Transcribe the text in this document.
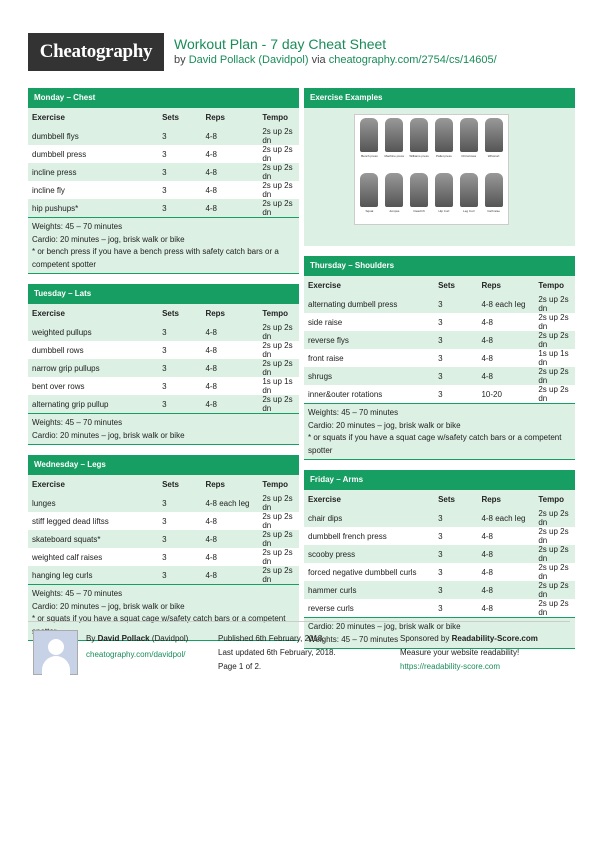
Cheatography	Workout Plan - 7 day Cheat Sheet
by David Pollack (Davidpol) via cheatography.com/2754/cs/14605/
Monday – Chest
Exercise	Sets	Reps	Tempo
dumbbell flys	3	4-8	2s up 2s dn
dumbbell press	3	4-8	2s up 2s dn
incline press	3	4-8	2s up 2s dn
incline fly	3	4-8	2s up 2s dn
hip pushups*	3	4-8	2s up 2s dn
Weights: 45 – 70 minutes
Cardio: 20 minutes – jog, brisk walk or bike
* or bench press if you have a bench press with safety catch bars or a competent spotter
Tuesday – Lats
Exercise	Sets	Reps	Tempo
weighted pullups	3	4-8	2s up 2s dn
dumbbell rows	3	4-8	2s up 2s dn
narrow grip pullups	3	4-8	2s up 2s dn
bent over rows	3	4-8	1s up 1s dn
alternating grip pullup	3	4-8	2s up 2s dn
Weights: 45 – 70 minutes
Cardio: 20 minutes – jog, brisk walk or bike
Wednesday – Legs
Exercise	Sets	Reps	Tempo
lunges	3	4-8 each leg	2s up 2s dn
stiff legged dead liftss	3	4-8	2s up 2s dn
skateboard squats*	3	4-8	2s up 2s dn
weighted calf raises	3	4-8	2s up 2s dn
hanging leg curls	3	4-8	2s up 2s dn
Weights: 45 – 70 minutes
Cardio: 20 minutes – jog, brisk walk or bike
* or squats if you have a squat cage w/safety catch bars or a competent
Exercise Examples
Bench press Machine press Williams press Pallet press	Chins/rows	Wristcurl
Squat	Jumpss	Dead lift	Hip Curl	Leg Curl	Calf raise
Thursday – Shoulders
Exercise	Sets	Reps	Tempo
alternating dumbell press	3	4-8 each leg	2s up 2s dn
side raise	3	4-8	2s up 2s dn
reverse flys	3	4-8	2s up 2s dn
front raise	3	4-8	1s up 1s dn
shrugs	3	4-8	2s up 2s dn
inner&outer rotations	3	10-20	2s up 2s dn
Weights: 45 – 70 minutes
Cardio: 20 minutes – jog, brisk walk or bike
* or squats if you have a squat cage w/safety catch bars or a competent spotter
Friday – Arms
Exercise	Sets	Reps	Tempo
chair dips	3	4-8 each leg	2s up 2s dn
dumbbell french press	3	4-8	2s up 2s dn
scooby press	3	4-8	2s up 2s dn
forced negative dumbbell curls	3	4-8	2s up 2s dn
hammer curls	3	4-8	2s up 2s dn
reverse curls	3	4-8	2s up 2s dn
Cardio: 20 minutes – jog, brisk walk or bike
Weights: 45 – 70 minutes
By David Pollack (Davidpol)
cheatography.com/davidpol/
Published 6th February, 2018.
Last updated 6th February, 2018.
Page 1 of 2.
Sponsored by Readability-Score.com
Measure your website readability!
https://readability-score.com
